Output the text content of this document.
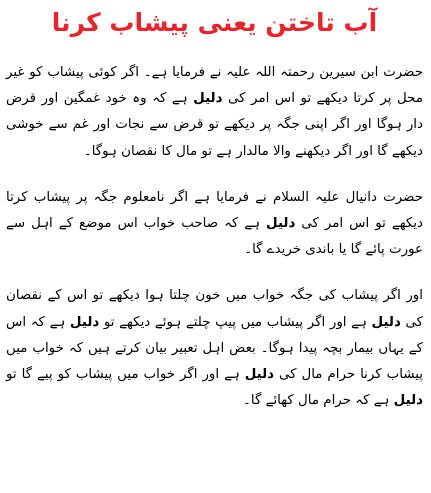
آب تاختن یعنی پیشاب کرنا

حضرت ابن سیرین رحمتہ اللہ علیہ نے فرمایا ہے۔ اگر کوئی پیشاب کو غیر محل پر کرتا دیکھے تو اس امر کی دلیل ہے کہ وہ خود غمگین اور قرض دار ہوگا اور اگر اپنی جگہ پر دیکھے تو قرض سے نجات اور غم سے خوشی دیکھے گا اور اگر دیکھنے والا مالدار ہے تو مال کا نقصان ہوگا۔

حضرت دانیال علیہ السلام نے فرمایا ہے اگر نامعلوم جگہ پر پیشاب کرتا دیکھے تو اس امر کی دلیل ہے کہ صاحب خواب اس موضع کے اہل سے عورت پائے گا یا باندی خریدے گا۔

اور اگر پیشاب کی جگہ خواب میں خون چلتا ہوا دیکھے تو اس کے نقصان کی دلیل ہے اور اگر پیشاب میں پیپ چلتے ہوئے دیکھے تو دلیل ہے کہ اس کے یہاں بیمار بچہ پیدا ہوگا۔ بعض اہل تعبیر بیان کرتے ہیں کہ خواب میں پیشاب کرنا حرام مال کی دلیل ہے اور اگر خواب میں پیشاب کو پیے گا تو دلیل ہے کہ حرام مال کھائے گا۔
